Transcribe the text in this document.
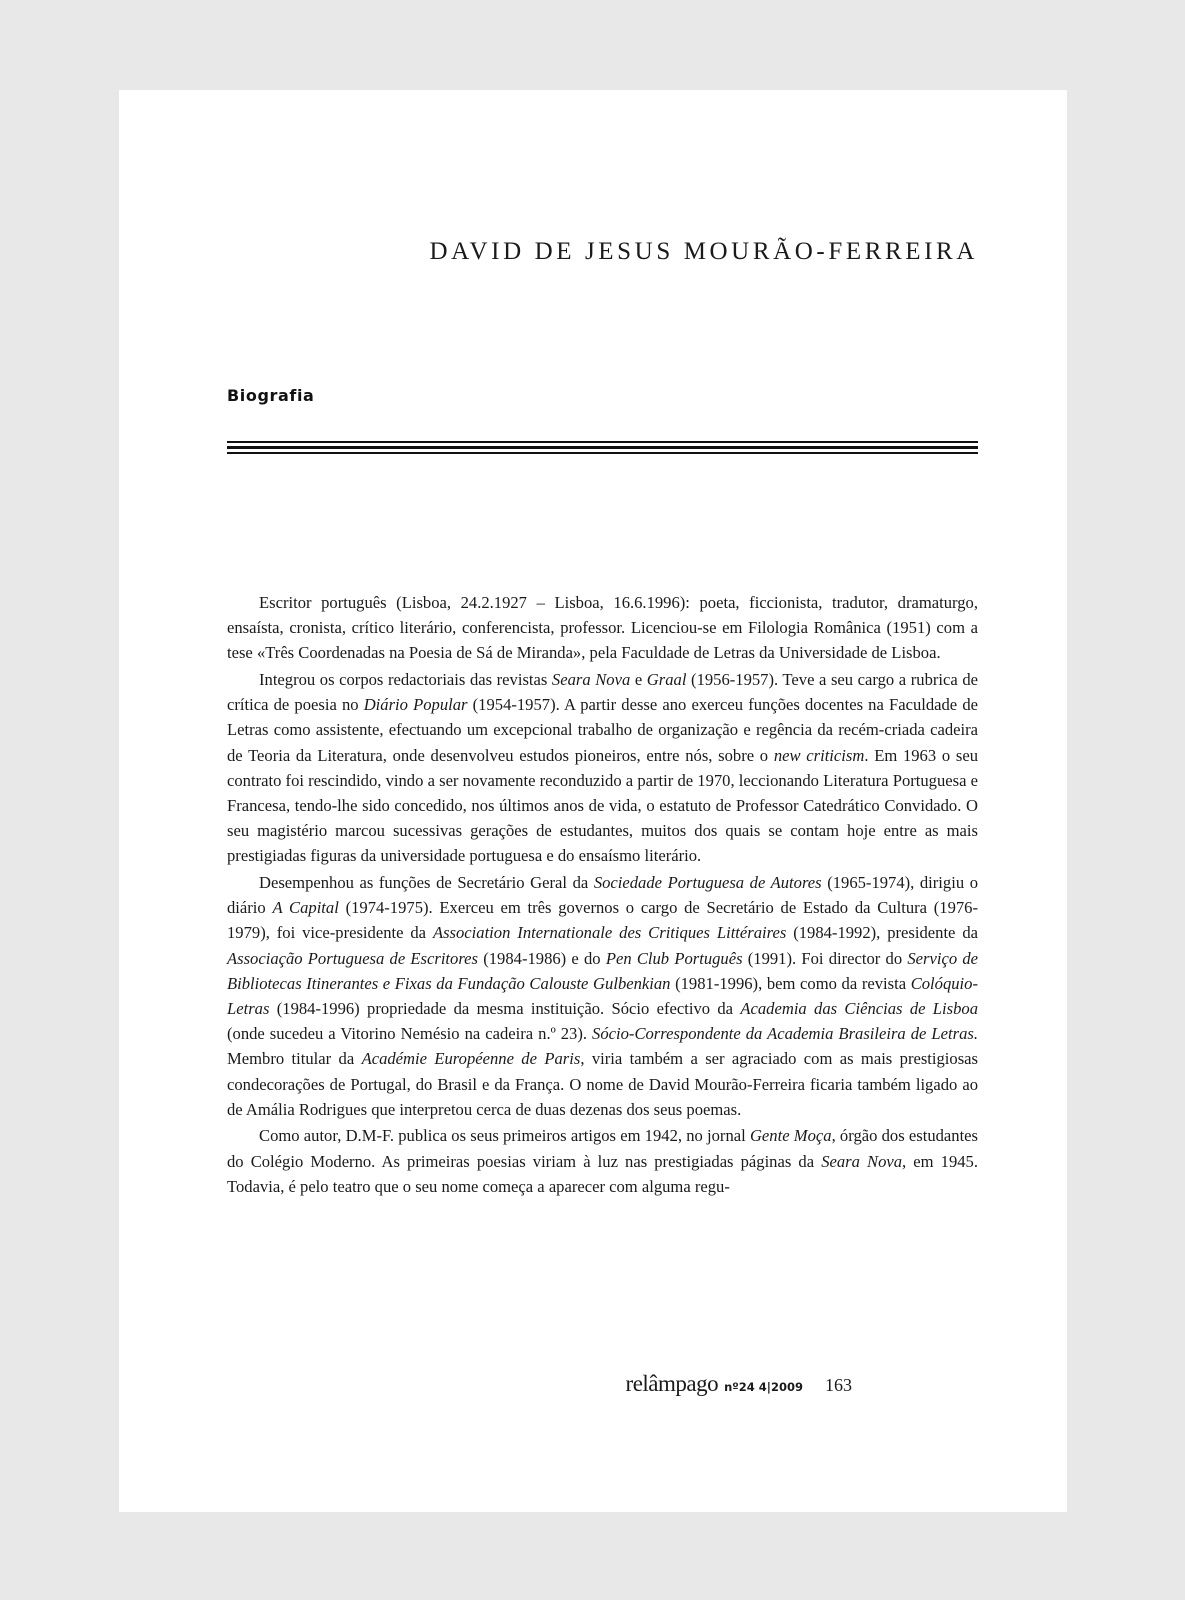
DAVID DE JESUS MOURÃO-FERREIRA
Biografia

Escritor português (Lisboa, 24.2.1927 – Lisboa, 16.6.1996): poeta, ficcionista, tradutor, dramaturgo, ensaísta, cronista, crítico literário, conferencista, professor. Licenciou-se em Filologia Românica (1951) com a tese «Três Coordenadas na Poesia de Sá de Miranda», pela Faculdade de Letras da Universidade de Lisboa.

Integrou os corpos redactoriais das revistas Seara Nova e Graal (1956-1957). Teve a seu cargo a rubrica de crítica de poesia no Diário Popular (1954-1957). A partir desse ano exerceu funções docentes na Faculdade de Letras como assistente, efectuando um excepcional trabalho de organização e regência da recém-criada cadeira de Teoria da Literatura, onde desenvolveu estudos pioneiros, entre nós, sobre o new criticism. Em 1963 o seu contrato foi rescindido, vindo a ser novamente reconduzido a partir de 1970, leccionando Literatura Portuguesa e Francesa, tendo-lhe sido concedido, nos últimos anos de vida, o estatuto de Professor Catedrático Convidado. O seu magistério marcou sucessivas gerações de estudantes, muitos dos quais se contam hoje entre as mais prestigiadas figuras da universidade portuguesa e do ensaísmo literário.

Desempenhou as funções de Secretário Geral da Sociedade Portuguesa de Autores (1965-1974), dirigiu o diário A Capital (1974-1975). Exerceu em três governos o cargo de Secretário de Estado da Cultura (1976-1979), foi vice-presidente da Association Internationale des Critiques Littéraires (1984-1992), presidente da Associação Portuguesa de Escritores (1984-1986) e do Pen Club Português (1991). Foi director do Serviço de Bibliotecas Itinerantes e Fixas da Fundação Calouste Gulbenkian (1981-1996), bem como da revista Colóquio-Letras (1984-1996) propriedade da mesma instituição. Sócio efectivo da Academia das Ciências de Lisboa (onde sucedeu a Vitorino Nemésio na cadeira n.º 23). Sócio-Correspondente da Academia Brasileira de Letras. Membro titular da Académie Européenne de Paris, viria também a ser agraciado com as mais prestigiosas condecorações de Portugal, do Brasil e da França. O nome de David Mourão-Ferreira ficaria também ligado ao de Amália Rodrigues que interpretou cerca de duas dezenas dos seus poemas.

Como autor, D.M-F. publica os seus primeiros artigos em 1942, no jornal Gente Moça, órgão dos estudantes do Colégio Moderno. As primeiras poesias viriam à luz nas prestigiadas páginas da Seara Nova, em 1945. Todavia, é pelo teatro que o seu nome começa a aparecer com alguma regu-

relâmpago nº24 4|2009 163
